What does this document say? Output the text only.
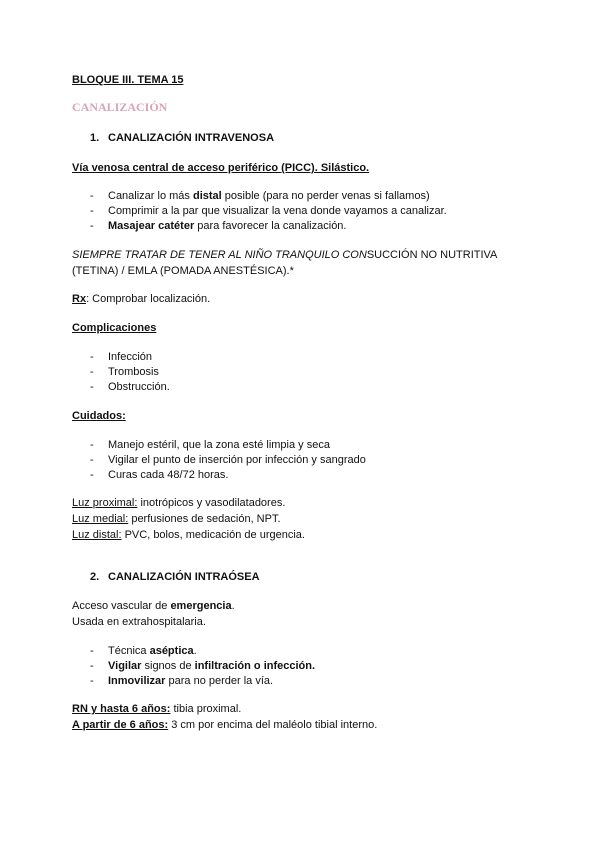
BLOQUE III. TEMA 15
CANALIZACIÓN
1. CANALIZACIÓN INTRAVENOSA
Vía venosa central de acceso periférico (PICC). Silástico.
- Canalizar lo más distal posible (para no perder venas si fallamos)
- Comprimir a la par que visualizar la vena donde vayamos a canalizar.
- Masajear catéter para favorecer la canalización.
SIEMPRE TRATAR DE TENER AL NIÑO TRANQUILO CONSUCCIÓN NO NUTRITIVA
(TETINA) / EMLA (POMADA ANESTÉSICA).*
Rx: Comprobar localización.
Complicaciones
- Infección
- Trombosis
- Obstrucción.
Cuidados:
- Manejo estéril, que la zona esté limpia y seca
- Vigilar el punto de inserción por infección y sangrado
- Curas cada 48/72 horas.
Luz proximal: inotrópicos y vasodilatadores.
Luz medial: perfusiones de sedación, NPT.
Luz distal: PVC, bolos, medicación de urgencia.
2. CANALIZACIÓN INTRAÓSEA
Acceso vascular de emergencia.
Usada en extrahospitalaria.
- Técnica aséptica.
- Vigilar signos de infiltración o infección.
- Inmovilizar para no perder la vía.
RN y hasta 6 años: tibia proximal.
A partir de 6 años: 3 cm por encima del maléolo tibial interno.
